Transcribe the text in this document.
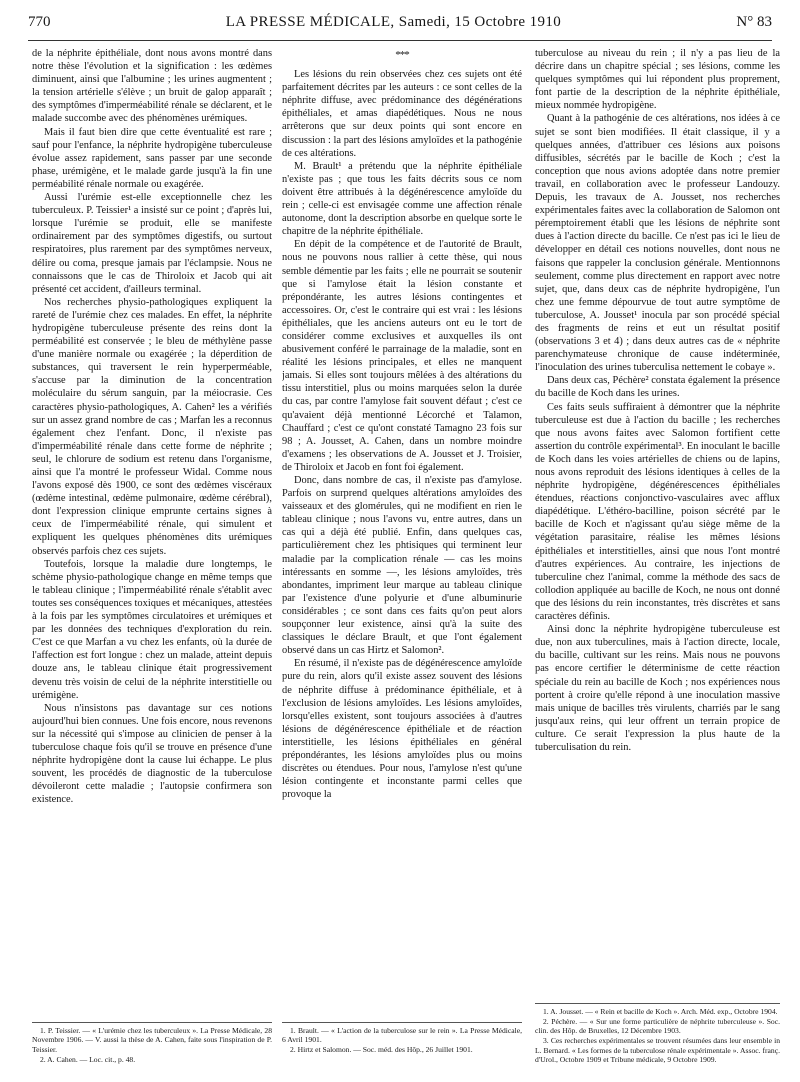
770	LA PRESSE MÉDICALE, Samedi, 15 Octobre 1910	N° 83

de la néphrite épithéliale, dont nous avons montré dans notre thèse l'évolution et la signification : les œdèmes diminuent, ainsi que l'albumine ; les urines augmentent ; la tension artérielle s'élève ; un bruit de galop apparaît ; des symptômes d'imperméabilité rénale se déclarent, et le malade succombe avec des phénomènes urémiques.

Mais il faut bien dire que cette éventualité est rare ; sauf pour l'enfance, la néphrite hydropigène tuberculeuse évolue assez rapidement, sans passer par une seconde phase, urémigène, et le malade garde jusqu'à la fin une perméabilité rénale normale ou exagérée.

Aussi l'urémie est-elle exceptionnelle chez les tuberculeux. P. Teissier¹ a insisté sur ce point ; d'après lui, lorsque l'urémie se produit, elle se manifeste ordinairement par des symptômes digestifs, ou surtout respiratoires, plus rarement par des symptômes nerveux, délire ou coma, presque jamais par l'éclampsie. Nous ne connaissons que le cas de Thiroloix et Jacob qui ait présenté cet accident, d'ailleurs terminal.

Nos recherches physio-pathologiques expliquent la rareté de l'urémie chez ces malades. En effet, la néphrite hydropigène tuberculeuse présente des reins dont la perméabilité est conservée ; le bleu de méthylène passe d'une manière normale ou exagérée ; la déperdition de substances, qui traversent le rein hyperperméable, s'accuse par la diminution de la concentration moléculaire du sérum sanguin, par la méiocrasie. Ces caractères physio-pathologiques, A. Cahen² les a vérifiés sur un assez grand nombre de cas ; Marfan les a reconnus également chez l'enfant. Donc, il n'existe pas d'imperméabilité rénale dans cette forme de néphrite ; seul, le chlorure de sodium est retenu dans l'organisme, ainsi que l'a montré le professeur Widal. Comme nous l'avons exposé dès 1900, ce sont des œdèmes viscéraux (œdème intestinal, œdème pulmonaire, œdème cérébral), dont l'expression clinique emprunte certains signes à ceux de l'imperméabilité rénale, qui simulent et expliquent les quelques phénomènes dits urémiques observés parfois chez ces sujets.

Toutefois, lorsque la maladie dure longtemps, le schème physio-pathologique change en même temps que le tableau clinique ; l'imperméabilité rénale s'établit avec toutes ses conséquences toxiques et mécaniques, attestées à la fois par les symptômes circulatoires et urémiques et par les données des techniques d'exploration du rein. C'est ce que Marfan a vu chez les enfants, où la durée de l'affection est fort longue : chez un malade, atteint depuis douze ans, le tableau clinique était progressivement devenu très voisin de celui de la néphrite interstitielle ou urémigène.

Nous n'insistons pas davantage sur ces notions aujourd'hui bien connues. Une fois encore, nous revenons sur la nécessité qui s'impose au clinicien de penser à la tuberculose chaque fois qu'il se trouve en présence d'une néphrite hydropigène dont la cause lui échappe. Le plus souvent, les procédés de diagnostic de la tuberculose dévoileront cette maladie ; l'autopsie confirmera son existence.

1. P. Teissier. — « L'urémie chez les tuberculeux ». La Presse Médicale, 28 Novembre 1906. — V. aussi la thèse de A. Cahen, faite sous l'inspiration de P. Teissier.

2. A. Cahen. — Loc. cit., p. 48.

***

Les lésions du rein observées chez ces sujets ont été parfaitement décrites par les auteurs : ce sont celles de la néphrite diffuse, avec prédominance des dégénérations épithéliales, et amas diapédétiques. Nous ne nous arrêterons que sur deux points qui sont encore en discussion : la part des lésions amyloïdes et la pathogénie de ces altérations.

M. Brault¹ a prétendu que la néphrite épithéliale n'existe pas ; que tous les faits décrits sous ce nom doivent être attribués à la dégénérescence amyloïde du rein ; celle-ci est envisagée comme une affection rénale autonome, dont la description absorbe en quelque sorte le chapitre de la néphrite épithéliale.

En dépit de la compétence et de l'autorité de Brault, nous ne pouvons nous rallier à cette thèse, qui nous semble démentie par les faits ; elle ne pourrait se soutenir que si l'amylose était la lésion constante et prépondérante, les autres lésions contingentes et accessoires. Or, c'est le contraire qui est vrai : les lésions épithéliales, que les anciens auteurs ont eu le tort de considérer comme exclusives et auxquelles ils ont abusivement conféré le parrainage de la maladie, sont en réalité les lésions principales, et elles ne manquent jamais. Si elles sont toujours mêlées à des altérations du tissu interstitiel, plus ou moins marquées selon la durée du cas, par contre l'amylose fait souvent défaut ; c'est ce qu'avaient déjà mentionné Lécorché et Talamon, Chauffard ; c'est ce qu'ont constaté Tamagno 23 fois sur 98 ; A. Jousset, A. Cahen, dans un nombre moindre d'examens ; les observations de A. Jousset et J. Troisier, de Thiroloix et Jacob en font foi également.

Donc, dans nombre de cas, il n'existe pas d'amylose. Parfois on surprend quelques altérations amyloïdes des vaisseaux et des glomérules, qui ne modifient en rien le tableau clinique ; nous l'avons vu, entre autres, dans un cas qui a déjà été publié. Enfin, dans quelques cas, particulièrement chez les phtisiques qui terminent leur maladie par la complication rénale — cas les moins intéressants en somme —, les lésions amyloïdes, très abondantes, impriment leur marque au tableau clinique par l'existence d'une polyurie et d'une albuminurie considérables ; ce sont dans ces faits qu'on peut alors soupçonner leur existence, ainsi qu'à la suite des classiques le déclare Brault, et que l'ont également observé dans un cas Hirtz et Salomon².

En résumé, il n'existe pas de dégénérescence amyloïde pure du rein, alors qu'il existe assez souvent des lésions de néphrite diffuse à prédominance épithéliale, et à l'exclusion de lésions amyloïdes. Les lésions amyloïdes, lorsqu'elles existent, sont toujours associées à d'autres lésions de dégénérescence épithéliale et de réaction interstitielle, les lésions épithéliales en général prépondérantes, les lésions amyloïdes plus ou moins discrètes ou étendues. Pour nous, l'amylose n'est qu'une lésion contingente et inconstante parmi celles que provoque la

1. Brault. — « L'action de la tuberculose sur le rein ». La Presse Médicale, 6 Avril 1901.

2. Hirtz et Salomon. — Soc. méd. des Hôp., 26 Juillet 1901.

tuberculose au niveau du rein ; il n'y a pas lieu de la décrire dans un chapitre spécial ; ses lésions, comme les quelques symptômes qui lui répondent plus proprement, font partie de la description de la néphrite épithéliale, mieux nommée hydropigène.

Quant à la pathogénie de ces altérations, nos idées à ce sujet se sont bien modifiées. Il était classique, il y a quelques années, d'attribuer ces lésions aux poisons diffusibles, sécrétés par le bacille de Koch ; c'est la conception que nous avions adoptée dans notre premier travail, en collaboration avec le professeur Landouzy. Depuis, les travaux de A. Jousset, nos recherches expérimentales faites avec la collaboration de Salomon ont péremptoirement établi que les lésions de néphrite sont dues à l'action directe du bacille. Ce n'est pas ici le lieu de développer en détail ces notions nouvelles, dont nous ne faisons que rappeler la conclusion générale. Mentionnons seulement, comme plus directement en rapport avec notre sujet, que, dans deux cas de néphrite hydropigène, l'un chez une femme dépourvue de tout autre symptôme de tuberculose, A. Jousset¹ inocula par son procédé spécial des fragments de reins et eut un résultat positif (observations 3 et 4) ; dans deux autres cas de « néphrite parenchymateuse chronique de cause indéterminée, l'inoculation des urines tuberculisa nettement le cobaye ».

Dans deux cas, Péchère² constata également la présence du bacille de Koch dans les urines.

Ces faits seuls suffiraient à démontrer que la néphrite tuberculeuse est due à l'action du bacille ; les recherches que nous avons faites avec Salomon fortifient cette assertion du contrôle expérimental³. En inoculant le bacille de Koch dans les voies artérielles de chiens ou de lapins, nous avons reproduit des lésions identiques à celles de la néphrite hydropigène, dégénérescences épithéliales étendues, réactions conjonctivo-vasculaires avec afflux diapédétique. L'éthéro-bacilline, poison sécrété par le bacille de Koch et n'agissant qu'au siège même de la végétation parasitaire, réalise les mêmes lésions épithéliales et interstitielles, ainsi que nous l'ont montré d'autres expériences. Au contraire, les injections de tuberculine chez l'animal, comme la méthode des sacs de collodion appliquée au bacille de Koch, ne nous ont donné que des lésions du rein inconstantes, très discrètes et sans caractères définis.

Ainsi donc la néphrite hydropigène tuberculeuse est due, non aux tuberculines, mais à l'action directe, locale, du bacille, cultivant sur les reins. Mais nous ne pouvons pas encore certifier le déterminisme de cette réaction spéciale du rein au bacille de Koch ; nos expériences nous portent à croire qu'elle répond à une inoculation massive mais unique de bacilles très virulents, charriés par le sang jusqu'aux reins, qui leur offrent un terrain propice de culture. Ce serait l'expression la plus haute de la tuberculisation du rein.

1. A. Jousset. — « Rein et bacille de Koch ». Arch. Méd. exp., Octobre 1904.

2. Péchère. — « Sur une forme particulière de néphrite tuberculeuse ». Soc. clin. des Hôp. de Bruxelles, 12 Décembre 1903.

3. Ces recherches expérimentales se trouvent résumées dans leur ensemble in L. Bernard. « Les formes de la tuberculose rénale expérimentale ». Assoc. franç. d'Urol., Octobre 1909 et Tribune médicale, 9 Octobre 1909.
